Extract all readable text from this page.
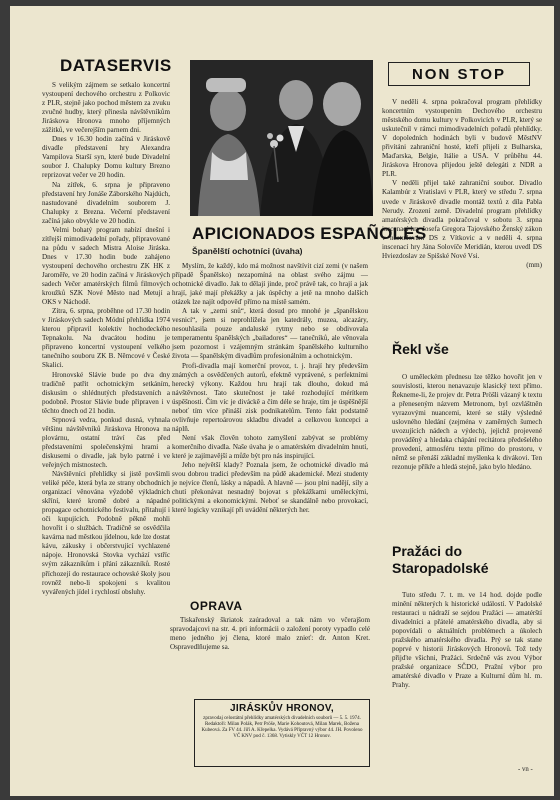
DATASERVIS

S velikým zájmem se setkalo koncertní vystoupení dechového orchestru z Polkovic z PLR, stejně jako pochod městem za zvuku zvučné hudby, který přinesla návštěvníkům Jiráskova Hronova mnoho příjemných zážitků, ve večerejším parnem dni.

Dnes v 16.30 hodin začíná v Jiráskově divadle představení hry Alexandra Vampilova Starší syn, které bude Divadelní soubor J. Chalupky Domu kultury Brezno reprizovat večer ve 20 hodin.

Na zítřek, 6. srpna je připraveno představení hry Jonáše Záborského Najdúch, nastudované divadelním souborem J. Chalupky z Brezna. Večerní představení začíná jako obvykle ve 20 hodin.

Velmi bohatý program nabízí dnešní i zítřejší mimodivadelní pořady, připravované na půdu v sadech Mistra Aloise Jiráska. Dnes v 17.30 hodin bude zahájeno vystoupení dechového orchestru ZK HK z Jaroměře, ve 20 hodin začíná v Jiráskových sadech Večer amatérských filmů filmových kroužků SZK Nové Město nad Metují a OKS v Náchodě.

Zítra, 6. srpna, proběhne od 17.30 hodin v Jiráskových sadech Módní přehlídka 1974 kterou připravil kolektiv hochodeckého Tepnakolu. Na dvacátou hodinu je připraveno koncertní vystoupení velkého tanečního souboru ZK B. Němcové v České Skalici.

Hronovské Slávie bude po dva dny tradičně patřit ochotnickým setkáním, diskusím o shlédnutých představeních a podobně. Prostor Slávie bude připraven i v těchto dnech od 21 hodin.

Srpnová vedra, ponkud dusná, vyhnala většinu návštěvníků Jiráskova Hronova na plovárnu, ostatní tráví čas před představeními společenskými hrami a diskusemi o divadle, jak bylo patrné i ve veřejných místnostech.

Návštěvníci přehlídky si jistě povšimli veliké péče, která byla ze strany obchodních organizací věnována výzdobě výkladních skříní, které kromě dobré a nápadné propagace ochotnického festivalu, přitahují i oči kupujících. Podobně pěkně mohli hovořit i o službách. Tradičně se osvědčila kavárna nad městkou jídelnou, kde lze dostat kávu, zákusky i občerstvující vychlazené nápoje. Hronovská Stovka vychází vstříc svým zákazníkům i přání zákazníků. Rosté příchozejí do restaurace ochovské školy jsou rovněž nebo-li spokojeni s kvalitou vyvářených jídel i rychlostí obsluhy.

APICIONADOS ESPAÑOLES
Španělští ochotníci (úvaha)

Myslím, že každý, kdo má možnost navštívit cizí zemi (v našem případě Španělsko) nezapomíná na oblast svého zájmu — ochotnické divadlo. Jak to dělají jinde, proč právě tak, co hrají a jak hrají, jaké mají překážky a jak úspěchy a jetě na mnoho dalších otázek lze najít odpověď přímo na místě samém.

A tak v „zemi snů“, která dosud pro mnohé je „španělskou vesnicí“, jsem si neprohlížela jen katedrály, muzea, alcazáry, nesouhlasila pouze andaluské rytmy nebo se obdivovala temperamentu španělských „bailadores“ — tanečníků, ale věnovala jsem pozornost i vzájemným stránkám španělského kulturního života — španělským divadlům profesionálním a ochotnickým.

Profi-divadla mají komerční provoz, t. j. hrají hry především známých a osvědčených autorů, efektně vyprávené, s perfektními herecký výkony. Každou hru hrají tak dlouho, dokud má návštěvnost. Tato skutečnost je také rozhodující mérítkem úspěšnosti. Čím víc je diváckě a čím déle se hraje, tím je úspěšnější neboť tím více přináší zisk podnikatelům. Tento fakt podstatně ovlivňuje repertoárovou skladbu divadel a celkovou koncepci a náplň.

Není však člověn tohoto zamyšlení zabývat se problémy komerčního divadla. Naše úvaha je o amatérském divadelním hnutí, které je zajímavější a může být pro nás inspirující.

Jeho největší klady? Poznala jsem, že ochotnické divadlo má svou dobrou tradici především na půdě akademické. Mezi studenty je nejvíce členů, lásky a nápadů. A hlavně — jsou plni nadějí, síly a chutí překonávat nesnadný bojovat s překážkami uměleckými, politickými a ekonomickými. Neboť se skandálně nebo provokací, které logicky vznikají při uvádění některých her.

OPRAVA

Tiskařenský škriatok zaúradoval a tak nám vo včerajšom spravodajcovi na str. 4. pri informácii o založení poroty vypadlo celé meno jedného jej člena, ktoré malo znieť: dr. Anton Kret. Ospravedlňujeme sa.

JIRÁSKŮV HRONOV,
zpravodaj celostátní přehlídky amatérských divadelních souborů — 5. 5. 1974. Redaktoři: Milan Polák, Petr Pröše, Marie Kohoutová, Milan Marek, Božena Kubeová. Za FV 44. Jiří A. Křepelka. Vydává Přípravný výbor 44. JH. Povoleno VČ KNV pod č. 1368. Vytiskly VČT 12 Hronov.
NON STOP

V neděli 4. srpna pokračoval program přehlídky koncertním vystoupením Dechového orchestru městského domu kultury v Polkovicích v PLR, který se uskutečnil v rámci mimodivadelních pořadů přehlídky. V dopoledních hodinách byli v budově MěstNV přivítáni zahraniční hosté, kteří přijeli z Bulharska, Maďarska, Belgie, Itálie a USA. V průběhu 44. Jiráskova Hronova přijedou ještě delegáti z NDR a PLR.

V neděli přijel také zahraniční soubor. Divadlo Kalambúr z Vratislavi v PLR, který ve středu 7. srpna uvede v Jiráskově divadle montáž textů z díla Pabla Nerudy. Zrození země. Divadelní program přehlídky amatérských divadla pokračoval v sobotu 3. srpna inscenací hry Josefa Gregora Tajovského Ženský zákon v nastudování DS z Vítkovic a v neděli 4. srpna inscenací hry Jána Solovíče Meridián, kterou uvedl DS Hviezdoslav ze Spišské Nové Vsi.

(mm)

Řekl vše

O uměleckém přednesu lze těžko hovořit jen v souvislosti, kterou nenavazuje klasický text přímo. Řekneme-li, že projev dr. Petra Pröšli vázaný k textu a přeneseným názvem Metronom, byl ozvláštněn vyrazovými nuancemi, které se stály výsledné uslovného hledání (zejména v zaměrných šumech uvozujících nádech a výdech), jejichž projevené prováděný a hledaka chápání recitátora předešelého provedení, atmosféru textu přímo do prostoru, v němž se přenáší základní myšlenka k divákovi. Ten rezonuje příkře a hledá stejně, jako bylo hledáno.

Pražáci do Staropadolské

Tuto středu 7. t. m. ve 14 hod. dojde podle minění některých k historické událostí. V Padolské restauraci u nádraží se sejdou Pražáci — amatérští divadelníci a přátelé amatérského divadla, aby si popovídali o aktuálních problémech a úkolech pražského amatérského divadla. Prý se tak stane poprvé v historii Jiráskových Hronovů. Tož tedy přijďte všichni, Pražáci. Srdečně vás zvou Výbor pražské organizace SČDO, Pražní výbor pro amatérské divadlo v Praze a Kulturní dům hl. m. Prahy.

- vn -
